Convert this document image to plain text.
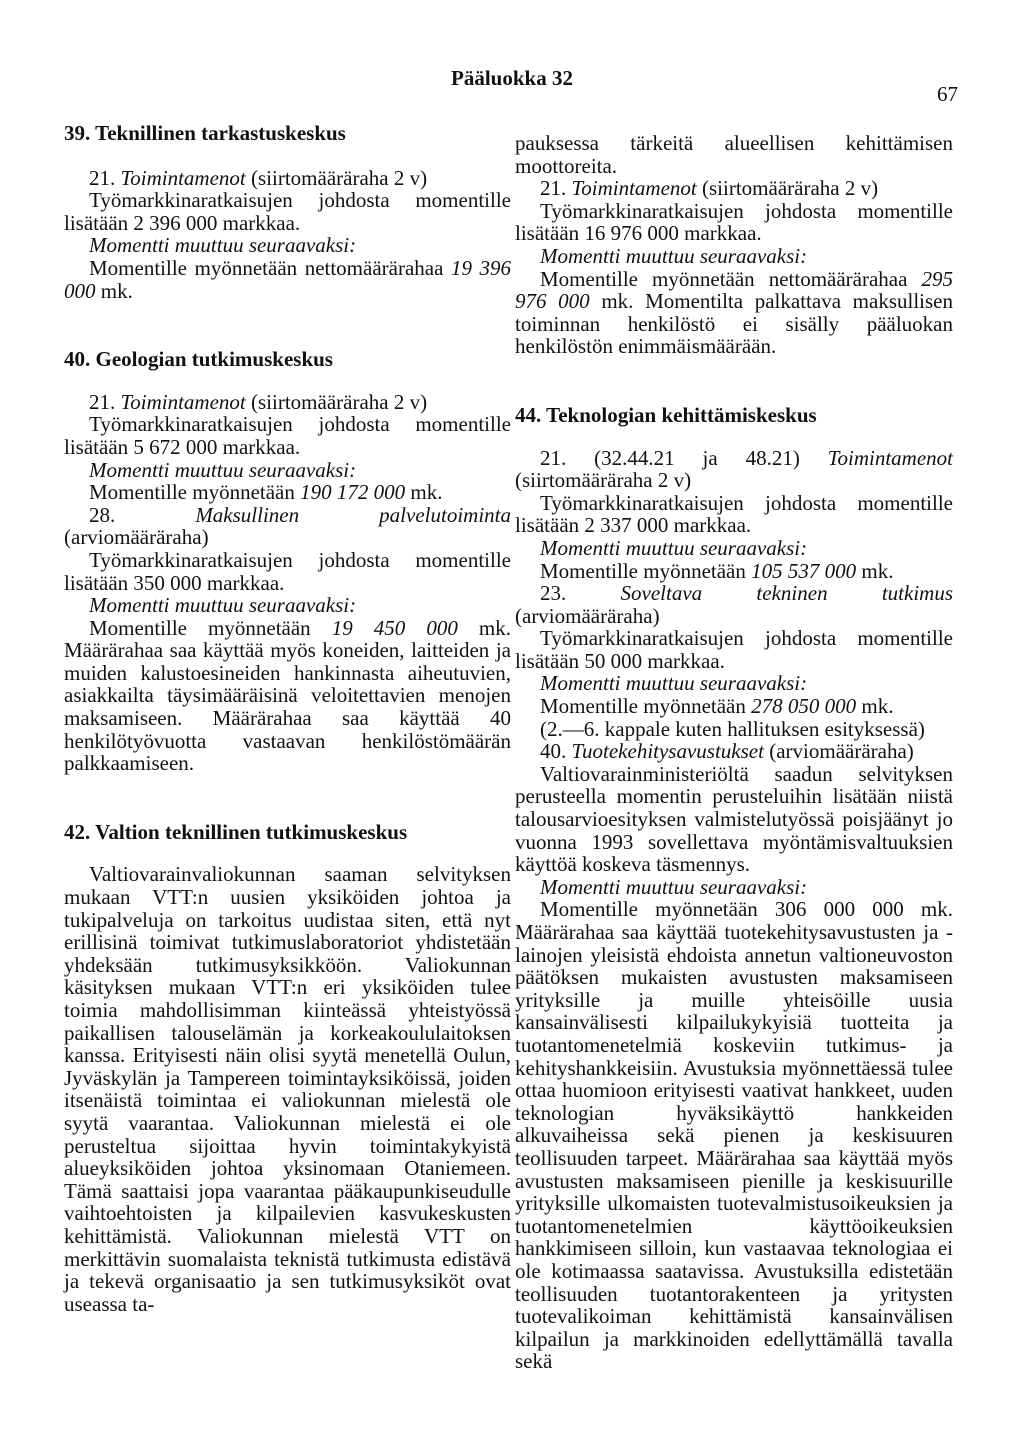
Pääluokka 32
67

39. Teknillinen tarkastuskeskus

21. Toimintamenot (siirtomääräraha 2 v)

Työmarkkinaratkaisujen johdosta momentille lisätään 2 396 000 markkaa.

Momentti muuttuu seuraavaksi:

Momentille myönnetään nettomäärärahaa 19 396 000 mk.

40. Geologian tutkimuskeskus

21. Toimintamenot (siirtomääräraha 2 v)

Työmarkkinaratkaisujen johdosta momentille lisätään 5 672 000 markkaa.

Momentti muuttuu seuraavaksi:

Momentille myönnetään 190 172 000 mk.

28.	Maksullinen palvelutoiminta (arviomääräraha)

Työmarkkinaratkaisujen johdosta momentille lisätään 350 000 markkaa.

Momentti muuttuu seuraavaksi:

Momentille myönnetään 19 450 000 mk. Määrärahaa saa käyttää myös koneiden, laitteiden ja muiden kalustoesineiden hankinnasta aiheutuvien, asiakkailta täysimääräisinä veloitettavien menojen maksamiseen. Määrärahaa saa käyttää 40 henkilötyövuotta vastaavan henkilöstömäärän palkkaamiseen.

42. Valtion teknillinen tutkimuskeskus

Valtiovarainvaliokunnan saaman selvityksen mukaan VTT:n uusien yksiköiden johtoa ja tukipalveluja on tarkoitus uudistaa siten, että nyt erillisinä toimivat tutkimuslaboratoriot yhdistetään yhdeksään tutkimusyksikköön. Valiokunnan käsityksen mukaan VTT:n eri yksiköiden tulee toimia mahdollisimman kiinteässä yhteistyössä paikallisen talouselämän ja korkeakoululaitoksen kanssa. Erityisesti näin olisi syytä menetellä Oulun, Jyväskylän ja Tampereen toimintayksiköissä, joiden itsenäistä toimintaa ei valiokunnan mielestä ole syytä vaarantaa. Valiokunnan mielestä ei ole perusteltua sijoittaa hyvin toimintakykyistä alueyksiköiden johtoa yksinomaan Otaniemeen. Tämä saattaisi jopa vaarantaa pääkaupunkiseudulle vaihtoehtoisten ja kilpailevien kasvukeskusten kehittämistä. Valiokunnan mielestä VTT on merkittävin suomalaista teknistä tutkimusta edistävä ja tekevä organisaatio ja sen tutkimusyksiköt ovat useassa ta-

pauksessa tärkeitä alueellisen kehittämisen moottoreita.

21. Toimintamenot (siirtomääräraha 2 v)

Työmarkkinaratkaisujen johdosta momentille lisätään 16 976 000 markkaa.

Momentti muuttuu seuraavaksi:

Momentille myönnetään nettomäärärahaa 295 976 000 mk. Momentilta palkattava maksullisen toiminnan henkilöstö ei sisälly pääluokan henkilöstön enimmäismäärään.

44. Teknologian kehittämiskeskus

21. (32.44.21 ja 48.21) Toimintamenot (siirtomääräraha 2 v)

Työmarkkinaratkaisujen johdosta momentille lisätään 2 337 000 markkaa.

Momentti muuttuu seuraavaksi:

Momentille myönnetään 105 537 000 mk.

23.	Soveltava tekninen tutkimus (arviomääräraha)

Työmarkkinaratkaisujen johdosta momentille lisätään 50 000 markkaa.

Momentti muuttuu seuraavaksi:

Momentille myönnetään 278 050 000 mk.

(2.—6. kappale kuten hallituksen esityksessä)

40. Tuotekehitysavustukset (arviomääräraha)

Valtiovarainministeriöltä saadun selvityksen perusteella momentin perusteluihin lisätään niistä talousarvioesityksen valmistelutyössä poisjäänyt jo vuonna 1993 sovellettava myöntämisvaltuuksien käyttöä koskeva täsmennys.

Momentti muuttuu seuraavaksi:

Momentille myönnetään 306 000 000 mk. Määrärahaa saa käyttää tuotekehitysavustusten ja -lainojen yleisistä ehdoista annetun valtioneuvoston päätöksen mukaisten avustusten maksamiseen yrityksille ja muille yhteisöille uusia kansainvälisesti kilpailukykyisiä tuotteita ja tuotantomenetelmiä koskeviin tutkimus- ja kehityshankkeisiin. Avustuksia myönnettäessä tulee ottaa huomioon erityisesti vaativat hankkeet, uuden teknologian hyväksikäyttö hankkeiden alkuvaiheissa sekä pienen ja keskisuuren teollisuuden tarpeet. Määrärahaa saa käyttää myös avustusten maksamiseen pienille ja keskisuurille yrityksille ulkomaisten tuotevalmistusoikeuksien ja tuotantomenetelmien käyttöoikeuksien hankkimiseen silloin, kun vastaavaa teknologiaa ei ole kotimaassa saatavissa. Avustuksilla edistetään teollisuuden tuotantorakenteen ja yritysten tuotevalikoiman kehittämistä kansainvälisen kilpailun ja markkinoiden edellyttämällä tavalla sekä
